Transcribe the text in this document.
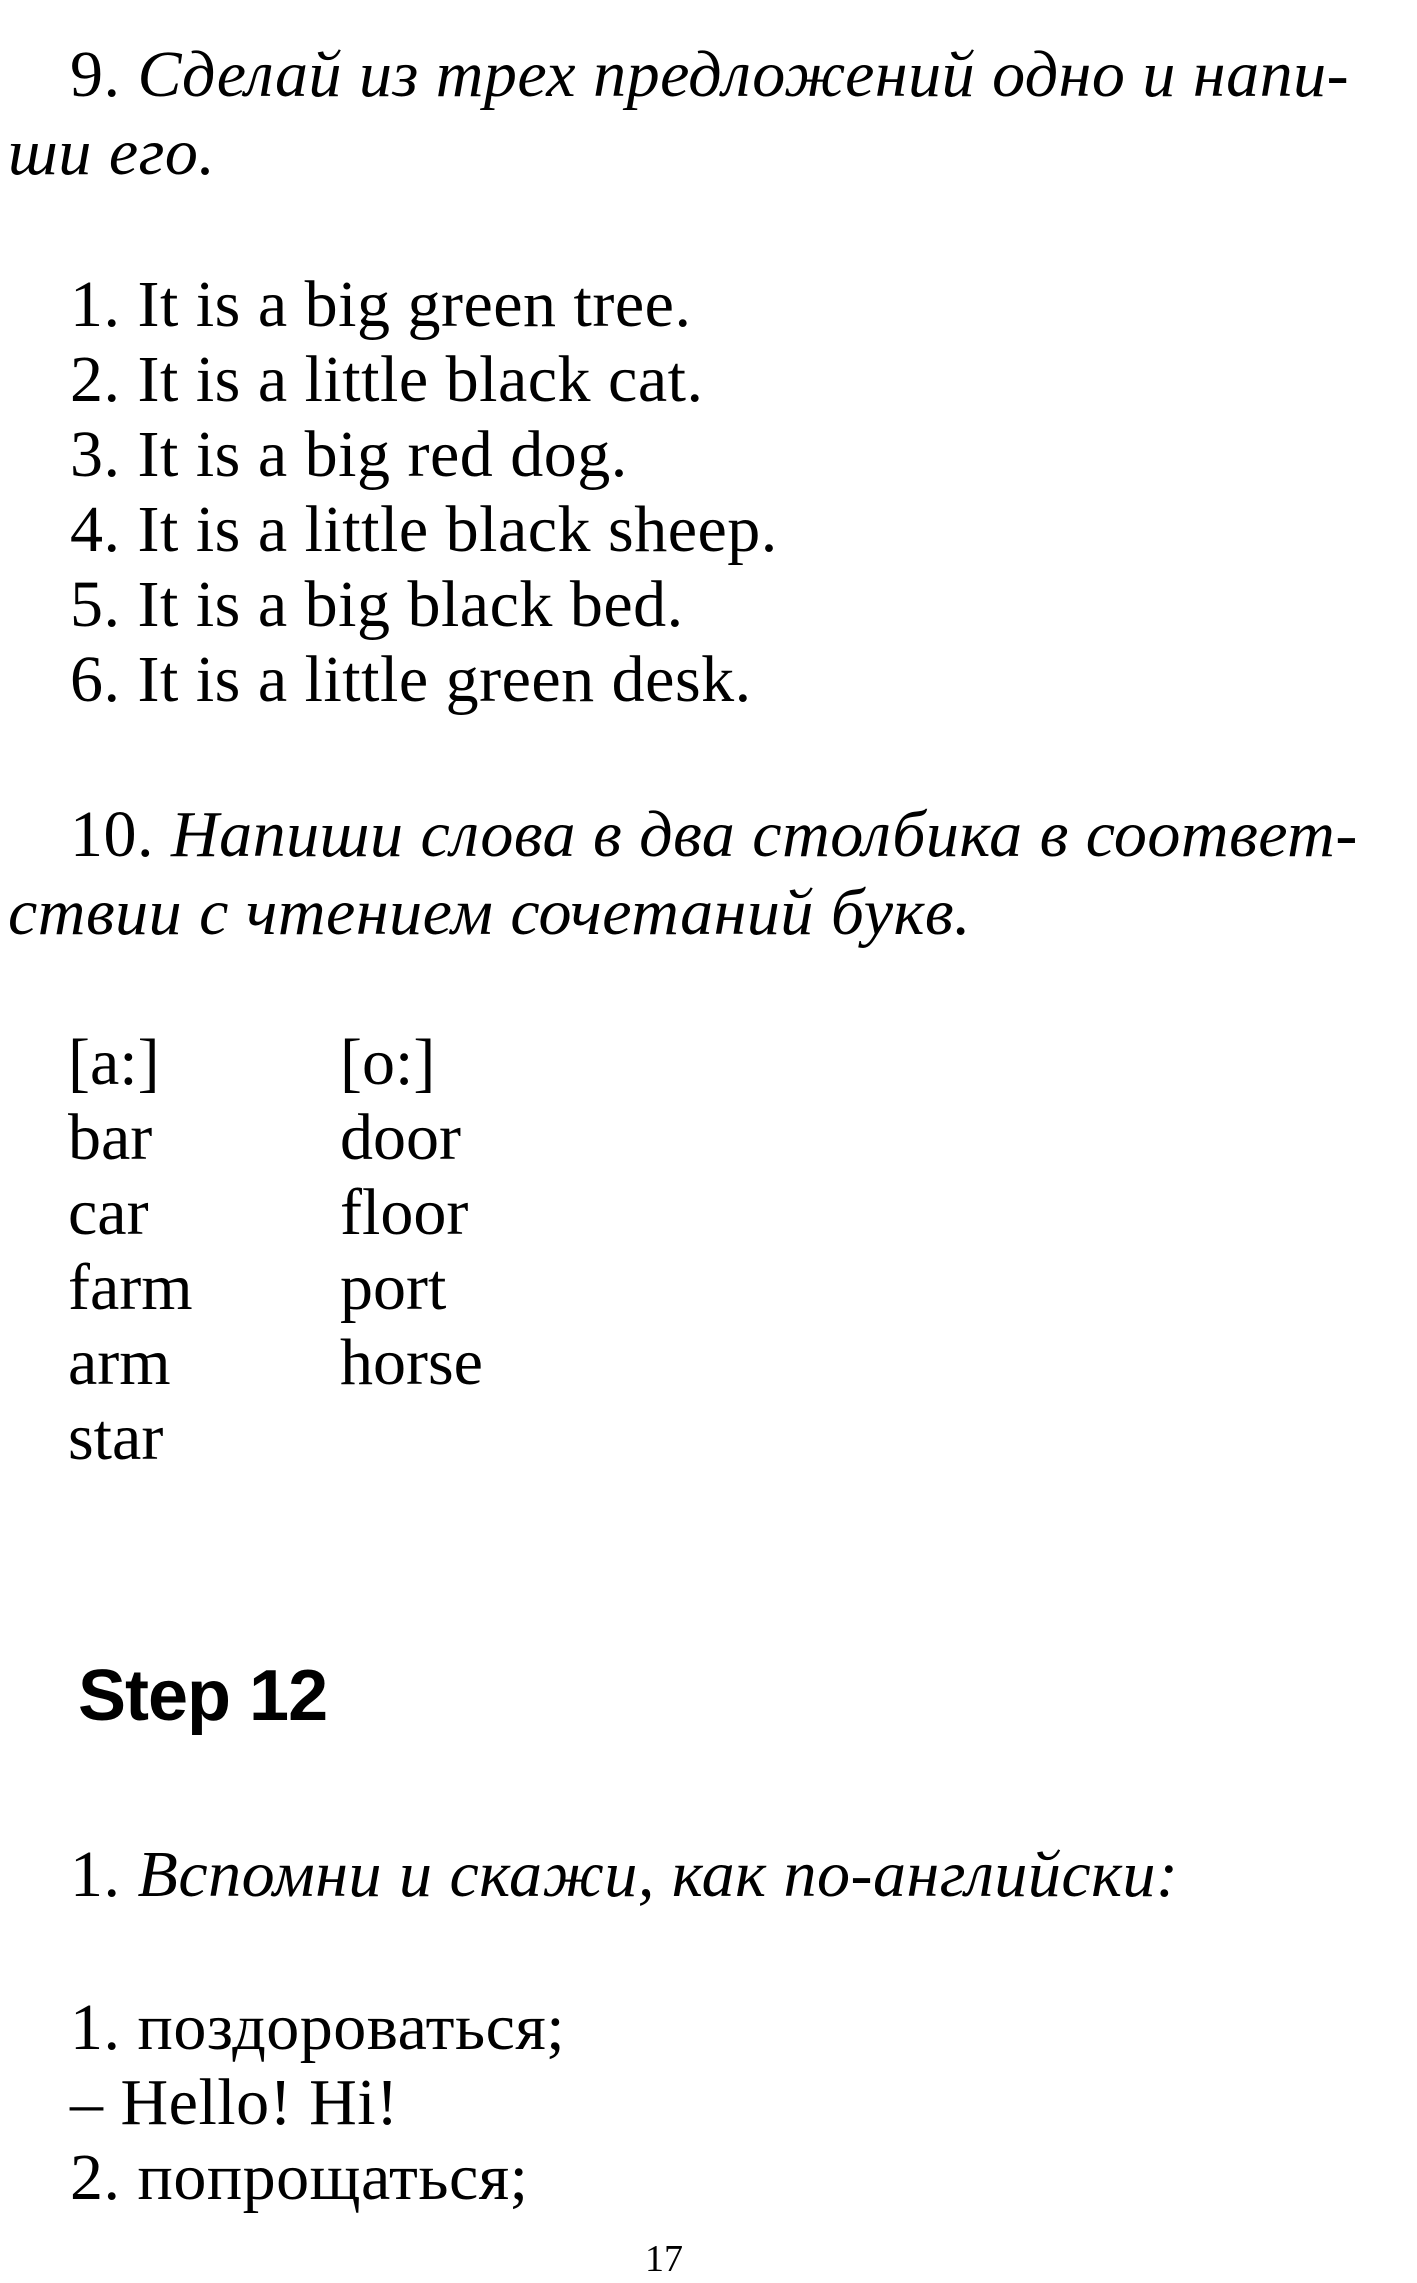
9. Сделай из трех предложений одно и напи-
ши его.
1. It is a big green tree.
2. It is a little black cat.
3. It is a big red dog.
4. It is a little black sheep.
5. It is a big black bed.
6. It is a little green desk.
10. Напиши слова в два столбика в соответ-
ствии с чтением сочетаний букв.
[a:]
bar
car
farm
arm
star
[o:]
door
floor
port
horse
Step 12
1. Вспомни и скажи, как по-английски:
1. поздороваться;
– Hello! Hi!
2. попрощаться;
17
